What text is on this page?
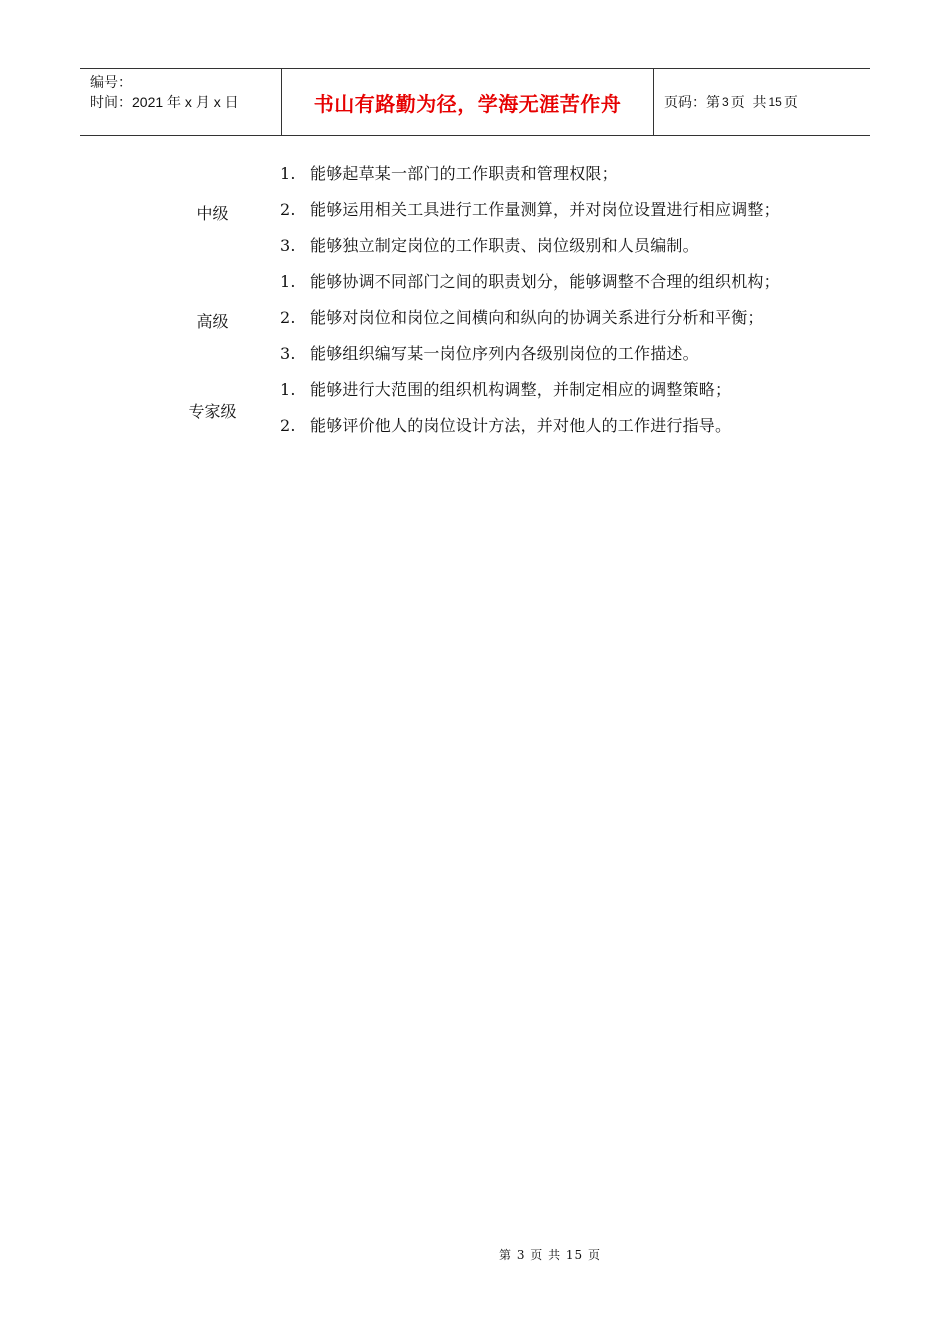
编号：
时间：2021 年 x 月 x 日	书山有路勤为径，学海无涯苦作舟	页码：第 3 页  共 15 页
中级
1. 能够起草某一部门的工作职责和管理权限；
2. 能够运用相关工具进行工作量测算，并对岗位设置进行相应调整；
3. 能够独立制定岗位的工作职责、岗位级别和人员编制。
高级
1. 能够协调不同部门之间的职责划分，能够调整不合理的组织机构；
2. 能够对岗位和岗位之间横向和纵向的协调关系进行分析和平衡；
3. 能够组织编写某一岗位序列内各级别岗位的工作描述。
专家级
1. 能够进行大范围的组织机构调整，并制定相应的调整策略；
2. 能够评价他人的岗位设计方法，并对他人的工作进行指导。
第 3 页 共 15 页
